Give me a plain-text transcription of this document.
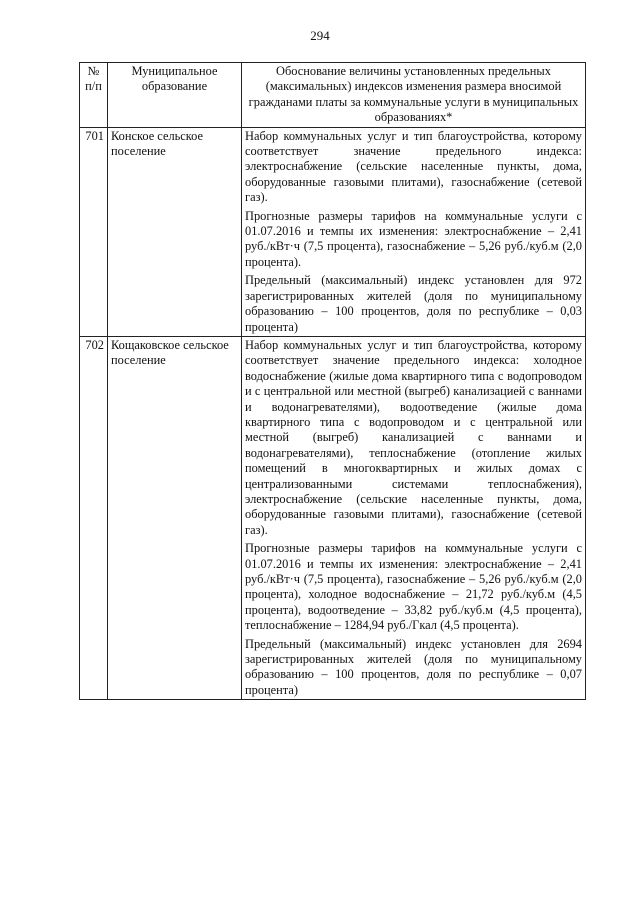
294
№ п/п	Муниципальное образование	Обоснование величины установленных предельных (максимальных) индексов изменения размера вносимой гражданами платы за коммунальные услуги в муниципальных образованиях*
701	Конское сельское поселение	Набор коммунальных услуг и тип благоустройства, которому соответствует значение предельного индекса: электроснабжение (сельские населенные пункты, дома, оборудованные газовыми плитами), газоснабжение (сетевой газ).

Прогнозные размеры тарифов на коммунальные услуги с 01.07.2016 и темпы их изменения: электроснабжение – 2,41 руб./кВт·ч (7,5 процента), газоснабжение – 5,26 руб./куб.м (2,0 процента).

Предельный (максимальный) индекс установлен для 972 зарегистрированных жителей (доля по муниципальному образованию – 100 процентов, доля по республике – 0,03 процента)

702	Кощаковское сельское поселение	Набор коммунальных услуг и тип благоустройства, которому соответствует значение предельного индекса: холодное водоснабжение (жилые дома квартирного типа с водопроводом и с центральной или местной (выгреб) канализацией с ваннами и водонагревателями), водоотведение (жилые дома квартирного типа с водопроводом и с центральной или местной (выгреб) канализацией с ваннами и водонагревателями), теплоснабжение (отопление жилых помещений в многоквартирных и жилых домах с централизованными системами теплоснабжения), электроснабжение (сельские населенные пункты, дома, оборудованные газовыми плитами), газоснабжение (сетевой газ).

Прогнозные размеры тарифов на коммунальные услуги с 01.07.2016 и темпы их изменения: электроснабжение – 2,41 руб./кВт·ч (7,5 процента), газоснабжение – 5,26 руб./куб.м (2,0 процента), холодное водоснабжение – 21,72 руб./куб.м (4,5 процента), водоотведение – 33,82 руб./куб.м (4,5 процента), теплоснабжение – 1284,94 руб./Гкал (4,5 процента).

Предельный (максимальный) индекс установлен для 2694 зарегистрированных жителей (доля по муниципальному образованию – 100 процентов, доля по республике – 0,07 процента)
